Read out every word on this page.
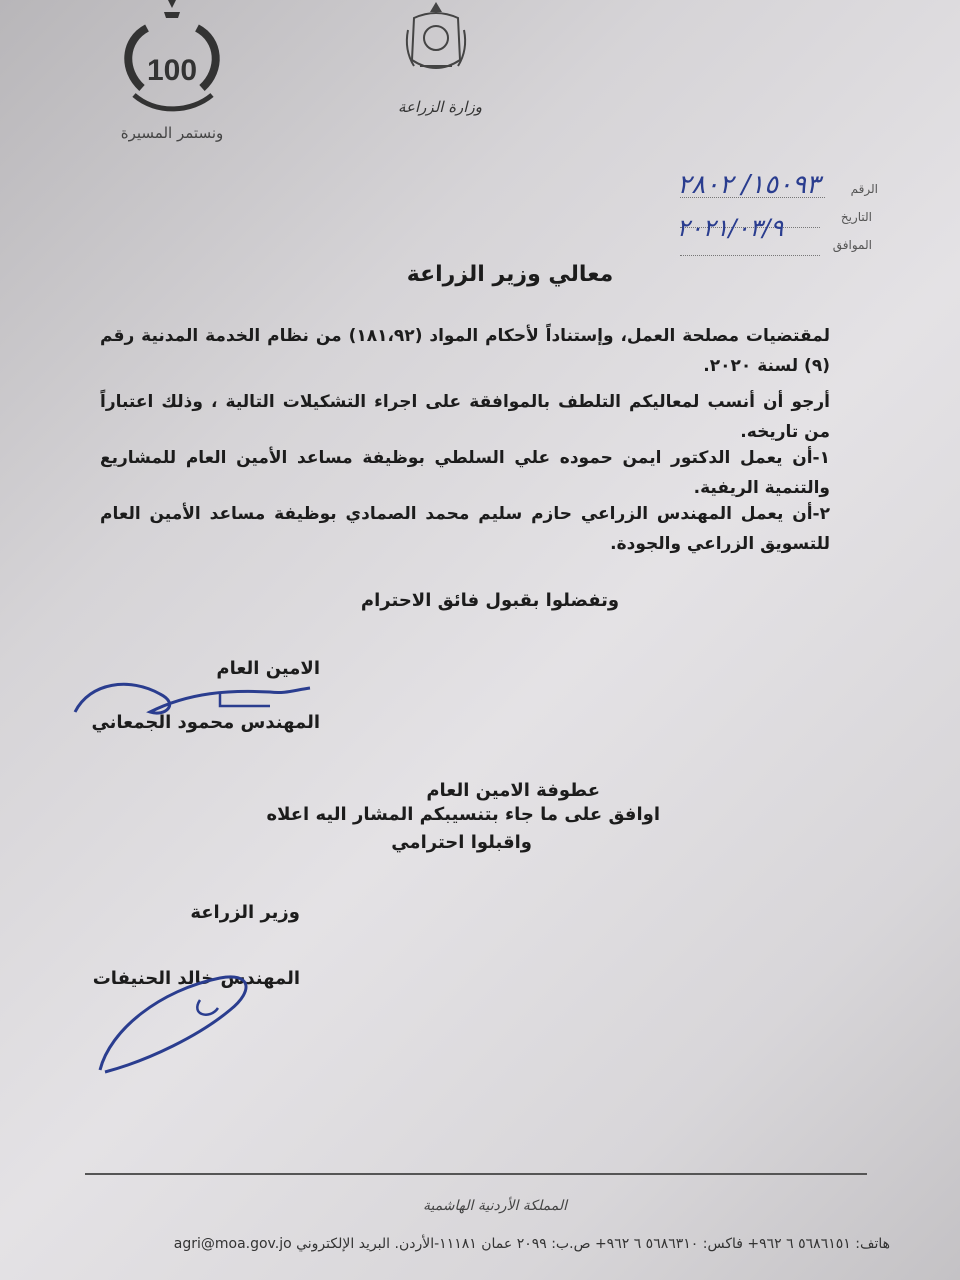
100
ونستمر المسيرة
وزارة الزراعة
الرقم
١٥٠٩٣/ ٢٨٠٢
التاريخ
٢٠٢١/٠٣/٩
الموافق
معالي وزير الزراعة
لمقتضيات مصلحة العمل، وإستناداً لأحكام المواد (١٨١،٩٢) من نظام الخدمة المدنية رقم (٩) لسنة ٢٠٢٠.
أرجو أن أنسب لمعاليكم التلطف بالموافقة على اجراء التشكيلات التالية ، وذلك اعتباراً من تاريخه.
١-أن يعمل الدكتور ايمن حموده علي السلطي بوظيفة مساعد الأمين العام للمشاريع والتنمية الريفية.
٢-أن يعمل المهندس الزراعي حازم سليم محمد الصمادي بوظيفة مساعد الأمين العام للتسويق الزراعي والجودة.
وتفضلوا بقبول فائق الاحترام
الامين العام
المهندس محمود الجمعاني
عطوفة الامين العام
اوافق على ما جاء بتنسيبكم المشار اليه اعلاه
واقبلوا احترامي
وزير الزراعة
المهندس خالد الحنيفات
المملكة الأردنية الهاشمية
هاتف: ٥٦٨٦١٥١ ٦ ٩٦٢+ فاكس: ٥٦٨٦٣١٠ ٦ ٩٦٢+ ص.ب: ٢٠٩٩ عمان ١١١٨١-الأردن. البريد الإلكتروني agri@moa.gov.jo
